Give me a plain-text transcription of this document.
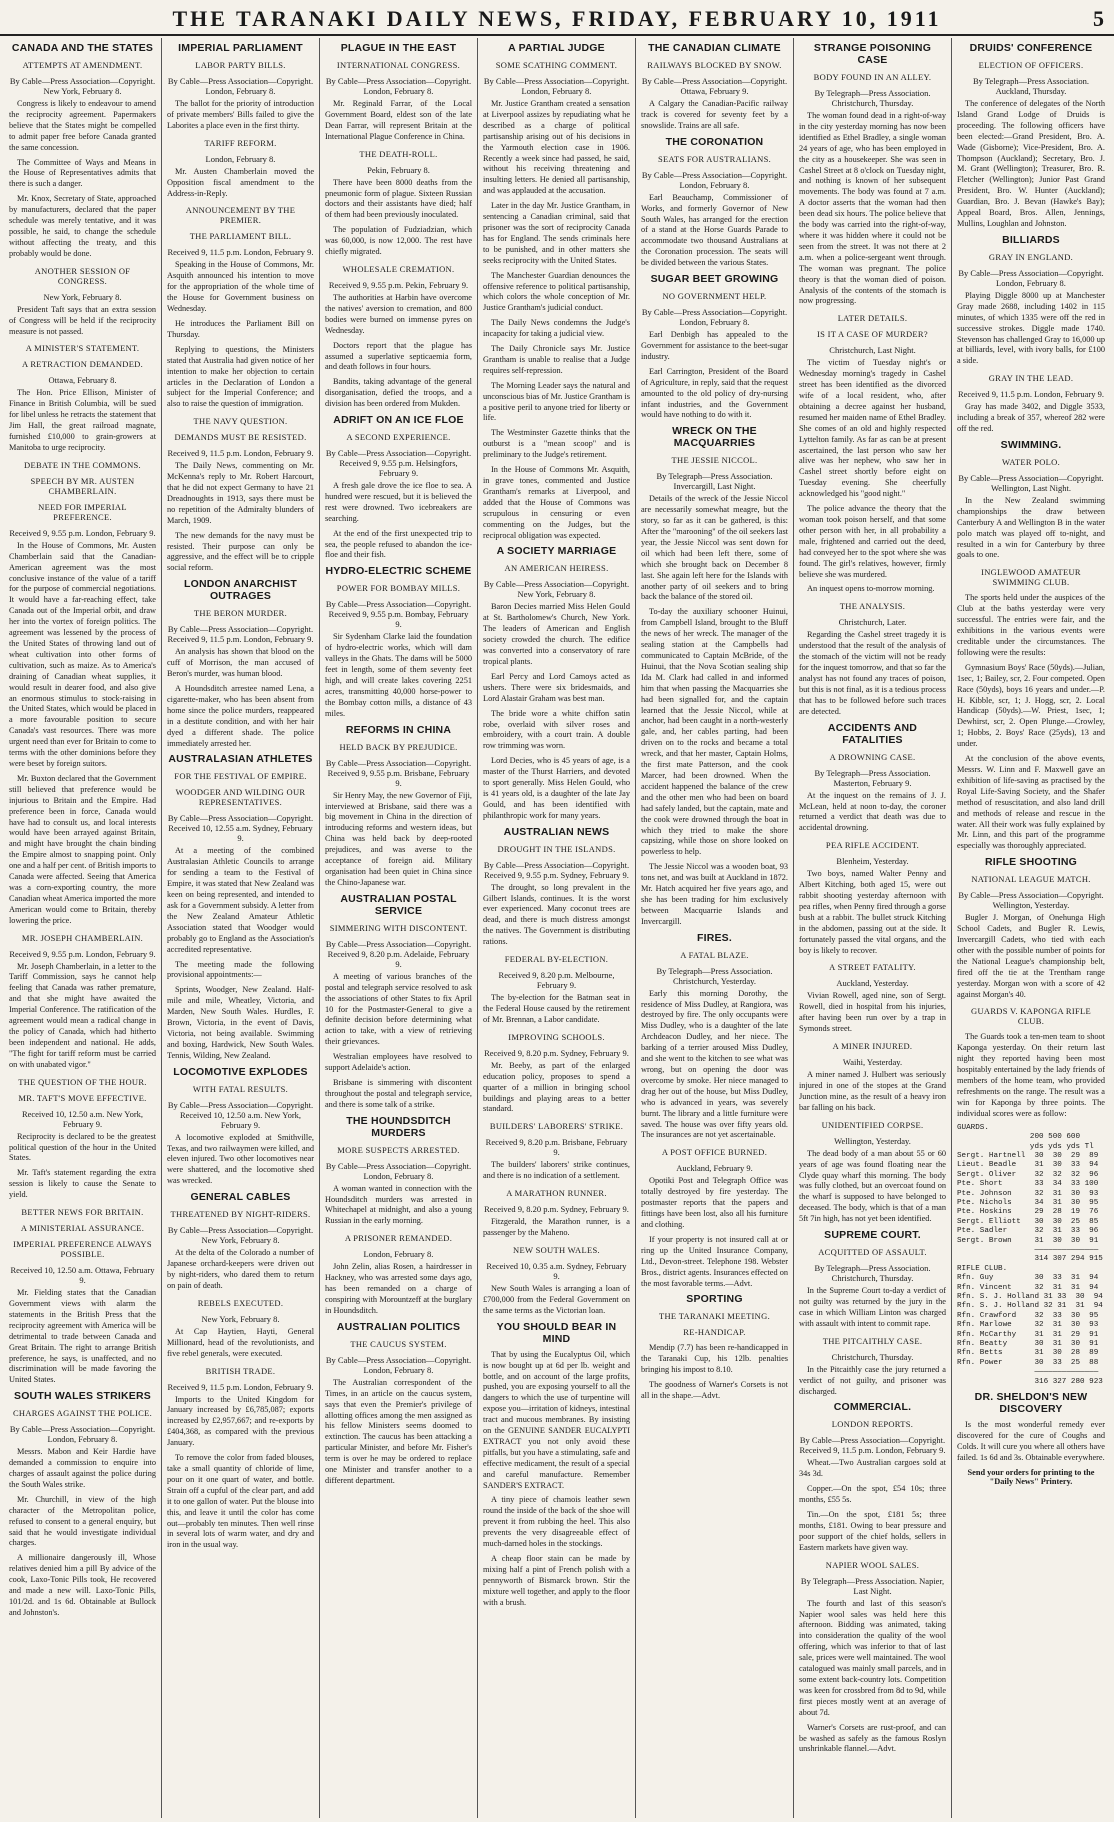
THE TARANAKI DAILY NEWS, FRIDAY, FEBRUARY 10, 1911	5
CANADA AND THE STATES
ATTEMPTS AT AMENDMENT.
By Cable—Press Association—Copyright. New York, February 8.

Congress is likely to endeavour to amend the reciprocity agreement. Papermakers believe that the States might be compelled to admit paper free before Canada granted the same concession.

The Committee of Ways and Means in the House of Representatives admits that there is such a danger.

Mr. Knox, Secretary of State, approached by manufacturers, declared that the paper schedule was merely tentative, and it was possible, he said, to change the schedule without affecting the treaty, and this probably would be done.

ANOTHER SESSION OF CONGRESS.
New York, February 8.

President Taft says that an extra session of Congress will be held if the reciprocity measure is not passed.

A MINISTER'S STATEMENT.
A RETRACTION DEMANDED.
Ottawa, February 8.

The Hon. Price Ellison, Minister of Finance in British Columbia, will be sued for libel unless he retracts the statement that Jim Hall, the great railroad magnate, furnished £10,000 to grain-growers at Manitoba to urge reciprocity.

DEBATE IN THE COMMONS.
SPEECH BY MR. AUSTEN CHAMBERLAIN.
NEED FOR IMPERIAL PREFERENCE.
Received 9, 9.55 p.m. London, February 9.

In the House of Commons, Mr. Austen Chamberlain said that the Canadian-American agreement was the most conclusive instance of the value of a tariff for the purpose of commercial negotiations. It would have a far-reaching effect, take Canada out of the Imperial orbit, and draw her into the vortex of foreign politics. The agreement was lessened by the process of the United States of throwing land out of wheat cultivation into other forms of cultivation, such as maize. As to America's draining of Canadian wheat supplies, it would result in dearer food, and also give an enormous stimulus to stock-raising in the United States, which would be placed in a more favourable position to secure Canada's vast resources. There was more urgent need than ever for Britain to come to terms with the other dominions before they were beset by foreign suitors.

Mr. Buxton declared that the Government still believed that preference would be injurious to Britain and the Empire. Had preference been in force, Canada would have had to consult us, and local interests would have been arrayed against Britain, and might have brought the chain binding the Empire almost to snapping point. Only one and a half per cent. of British imports to Canada were affected. Seeing that America was a corn-exporting country, the more Canadian wheat America imported the more American would come to Britain, thereby lowering the price.

MR. JOSEPH CHAMBERLAIN.
Received 9, 9.55 p.m. London, February 9.

Mr. Joseph Chamberlain, in a letter to the Tariff Commission, says he cannot help feeling that Canada was rather premature, and that she might have awaited the Imperial Conference. The ratification of the agreement would mean a radical change in the policy of Canada, which had hitherto been independent and national. He adds, "The fight for tariff reform must be carried on with unabated vigor."

THE QUESTION OF THE HOUR.
MR. TAFT'S MOVE EFFECTIVE.
Received 10, 12.50 a.m. New York, February 9.

Reciprocity is declared to be the greatest political question of the hour in the United States.

Mr. Taft's statement regarding the extra session is likely to cause the Senate to yield.

BETTER NEWS FOR BRITAIN.
A MINISTERIAL ASSURANCE.
IMPERIAL PREFERENCE ALWAYS POSSIBLE.
Received 10, 12.50 a.m. Ottawa, February 9.

Mr. Fielding states that the Canadian Government views with alarm the statements in the British Press that the reciprocity agreement with America will be detrimental to trade between Canada and Great Britain. The right to arrange British preference, he says, is unaffected, and no discrimination will be made favoring the United States.

SOUTH WALES STRIKERS
CHARGES AGAINST THE POLICE.
By Cable—Press Association—Copyright. London, February 8.

Messrs. Mabon and Keir Hardie have demanded a commission to enquire into charges of assault against the police during the South Wales strike.

Mr. Churchill, in view of the high character of the Metropolitan police, refused to consent to a general enquiry, but said that he would investigate individual charges.

A millionaire dangerously ill, Whose relatives denied him a pill By advice of the cook, Laxo-Tonic Pills took, He recovered and made a new will. Laxo-Tonic Pills, 101/2d. and 1s 6d. Obtainable at Bullock and Johnston's.

IMPERIAL PARLIAMENT
LABOR PARTY BILLS.
By Cable—Press Association—Copyright. London, February 8.

The ballot for the priority of introduction of private members' Bills failed to give the Laborites a place even in the first thirty.

TARIFF REFORM.
London, February 8.

Mr. Austen Chamberlain moved the Opposition fiscal amendment to the Address-in-Reply.

ANNOUNCEMENT BY THE PREMIER.
THE PARLIAMENT BILL.
Received 9, 11.5 p.m. London, February 9.

Speaking in the House of Commons, Mr. Asquith announced his intention to move for the appropriation of the whole time of the House for Government business on Wednesday.

He introduces the Parliament Bill on Thursday.

Replying to questions, the Ministers stated that Australia had given notice of her intention to make her objection to certain articles in the Declaration of London a subject for the Imperial Conference; and also to raise the question of immigration.

THE NAVY QUESTION.
DEMANDS MUST BE RESISTED.
Received 9, 11.5 p.m. London, February 9.

The Daily News, commenting on Mr. McKenna's reply to Mr. Robert Harcourt, that he did not expect Germany to have 21 Dreadnoughts in 1913, says there must be no repetition of the Admiralty blunders of March, 1909.

The new demands for the navy must be resisted. Their purpose can only be aggressive, and the effect will be to cripple social reform.

LONDON ANARCHIST OUTRAGES
THE BERON MURDER.
By Cable—Press Association—Copyright. Received 9, 11.5 p.m. London, February 9.

An analysis has shown that blood on the cuff of Morrison, the man accused of Beron's murder, was human blood.

A Houndsditch arrestee named Lena, a cigarette-maker, who has been absent from home since the police murders, reappeared in a destitute condition, and with her hair dyed a different shade. The police immediately arrested her.

AUSTRALASIAN ATHLETES
FOR THE FESTIVAL OF EMPIRE.
WOODGER AND WILDING OUR REPRESENTATIVES.
By Cable—Press Association—Copyright. Received 10, 12.55 a.m. Sydney, February 9.

At a meeting of the combined Australasian Athletic Councils to arrange for sending a team to the Festival of Empire, it was stated that New Zealand was keen on being represented, and intended to ask for a Government subsidy. A letter from the New Zealand Amateur Athletic Association stated that Woodger would probably go to England as the Association's accredited representative.

The meeting made the following provisional appointments:—

Sprints, Woodger, New Zealand. Half-mile and mile, Wheatley, Victoria, and Marden, New South Wales. Hurdles, F. Brown, Victoria, in the event of Davis, Victoria, not being available. Swimming and boxing, Hardwick, New South Wales. Tennis, Wilding, New Zealand.

LOCOMOTIVE EXPLODES
WITH FATAL RESULTS.
By Cable—Press Association—Copyright. Received 10, 12.50 a.m. New York, February 9.

A locomotive exploded at Smithville, Texas, and two railwaymen were killed, and eleven injured. Two other locomotives near were shattered, and the locomotive shed was wrecked.

GENERAL CABLES
THREATENED BY NIGHT-RIDERS.
By Cable—Press Association—Copyright. New York, February 8.

At the delta of the Colorado a number of Japanese orchard-keepers were driven out by night-riders, who dared them to return on pain of death.

REBELS EXECUTED.
New York, February 8.

At Cap Haytien, Hayti, General Millionard, head of the revolutionists, and five rebel generals, were executed.

BRITISH TRADE.
Received 9, 11.5 p.m. London, February 9.

Imports to the United Kingdom for January increased by £6,785,087; exports increased by £2,957,667; and re-exports by £404,368, as compared with the previous January.

To remove the color from faded blouses, take a small quantity of chloride of lime, pour on it one quart of water, and bottle. Strain off a cupful of the clear part, and add it to one gallon of water. Put the blouse into this, and leave it until the color has come out—probably ten minutes. Then well rinse in several lots of warm water, and dry and iron in the usual way.

PLAGUE IN THE EAST
INTERNATIONAL CONGRESS.
By Cable—Press Association—Copyright. London, February 8.

Mr. Reginald Farrar, of the Local Government Board, eldest son of the late Dean Farrar, will represent Britain at the International Plague Conference in China.

THE DEATH-ROLL.
Pekin, February 8.

There have been 8000 deaths from the pneumonic form of plague. Sixteen Russian doctors and their assistants have died; half of them had been previously inoculated.

The population of Fudziadzian, which was 60,000, is now 12,000. The rest have chiefly migrated.

WHOLESALE CREMATION.
Received 9, 9.55 p.m. Pekin, February 9.

The authorities at Harbin have overcome the natives' aversion to cremation, and 800 bodies were burned on immense pyres on Wednesday.

Doctors report that the plague has assumed a superlative septicaemia form, and death follows in four hours.

Bandits, taking advantage of the general disorganisation, defied the troops, and a division has been ordered from Mukden.

ADRIFT ON AN ICE FLOE
A SECOND EXPERIENCE.
By Cable—Press Association—Copyright. Received 9, 9.55 p.m. Helsingfors, February 9.

A fresh gale drove the ice floe to sea. A hundred were rescued, but it is believed the rest were drowned. Two icebreakers are searching.

At the end of the first unexpected trip to sea, the people refused to abandon the ice-floe and their fish.

HYDRO-ELECTRIC SCHEME
POWER FOR BOMBAY MILLS.
By Cable—Press Association—Copyright. Received 9, 9.55 p.m. Bombay, February 9.

Sir Sydenham Clarke laid the foundation of hydro-electric works, which will dam valleys in the Ghats. The dams will be 5000 feet in length, some of them seventy feet high, and will create lakes covering 2251 acres, transmitting 40,000 horse-power to the Bombay cotton mills, a distance of 43 miles.

REFORMS IN CHINA
HELD BACK BY PREJUDICE.
By Cable—Press Association—Copyright. Received 9, 9.55 p.m. Brisbane, February 9.

Sir Henry May, the new Governor of Fiji, interviewed at Brisbane, said there was a big movement in China in the direction of introducing reforms and western ideas, but China was held back by deep-rooted prejudices, and was averse to the acceptance of foreign aid. Military organisation had been quiet in China since the Chino-Japanese war.

AUSTRALIAN POSTAL SERVICE
SIMMERING WITH DISCONTENT.
By Cable—Press Association—Copyright. Received 9, 8.20 p.m. Adelaide, February 9.

A meeting of various branches of the postal and telegraph service resolved to ask the associations of other States to fix April 10 for the Postmaster-General to give a definite decision before determining what action to take, with a view of retrieving their grievances.

Westralian employees have resolved to support Adelaide's action.

Brisbane is simmering with discontent throughout the postal and telegraph service, and there is some talk of a strike.

THE HOUNDSDITCH MURDERS
MORE SUSPECTS ARRESTED.
By Cable—Press Association—Copyright. London, February 8.

A woman wanted in connection with the Houndsditch murders was arrested in Whitechapel at midnight, and also a young Russian in the early morning.

A PRISONER REMANDED.
London, February 8.

John Zelin, alias Rosen, a hairdresser in Hackney, who was arrested some days ago, has been remanded on a charge of conspiring with Morountzeff at the burglary in Houndsditch.

AUSTRALIAN POLITICS
THE CAUCUS SYSTEM.
By Cable—Press Association—Copyright. London, February 8.

The Australian correspondent of the Times, in an article on the caucus system, says that even the Premier's privilege of allotting offices among the men assigned as his fellow Ministers seems doomed to extinction. The caucus has been attacking a particular Minister, and before Mr. Fisher's term is over he may be ordered to replace one Minister and transfer another to a different department.

A PARTIAL JUDGE
SOME SCATHING COMMENT.
By Cable—Press Association—Copyright. London, February 8.

Mr. Justice Grantham created a sensation at Liverpool assizes by repudiating what he described as a charge of political partisanship arising out of his decisions in the Yarmouth election case in 1906. Recently a week since had passed, he said, without his receiving threatening and insulting letters. He denied all partisanship, and was applauded at the accusation.

Later in the day Mr. Justice Grantham, in sentencing a Canadian criminal, said that prisoner was the sort of reciprocity Canada has for England. The sends criminals here to be punished, and in other matters she seeks reciprocity with the United States.

The Manchester Guardian denounces the offensive reference to political partisanship, which colors the whole conception of Mr. Justice Grantham's judicial conduct.

The Daily News condemns the Judge's incapacity for taking a judicial view.

The Daily Chronicle says Mr. Justice Grantham is unable to realise that a Judge requires self-repression.

The Morning Leader says the natural and unconscious bias of Mr. Justice Grantham is a positive peril to anyone tried for liberty or life.

The Westminster Gazette thinks that the outburst is a "mean scoop" and is preliminary to the Judge's retirement.

In the House of Commons Mr. Asquith, in grave tones, commented and Justice Grantham's remarks at Liverpool, and added that the House of Commons was scrupulous in censuring or even commenting on the Judges, but the reciprocal obligation was expected.

A SOCIETY MARRIAGE
AN AMERICAN HEIRESS.
By Cable—Press Association—Copyright. New York, February 8.

Baron Decies married Miss Helen Gould at St. Bartholomew's Church, New York. The leaders of American and English society crowded the church. The edifice was converted into a conservatory of rare tropical plants.

Earl Percy and Lord Camoys acted as ushers. There were six bridesmaids, and Lord Alastair Graham was best man.

The bride wore a white chiffon satin robe, overlaid with silver roses and embroidery, with a court train. A double row trimming was worn.

Lord Decies, who is 45 years of age, is a master of the Thurst Harriers, and devoted to sport generally. Miss Helen Gould, who is 41 years old, is a daughter of the late Jay Gould, and has been identified with philanthropic work for many years.

AUSTRALIAN NEWS
DROUGHT IN THE ISLANDS.
By Cable—Press Association—Copyright. Received 9, 9.55 p.m. Sydney, February 9.

The drought, so long prevalent in the Gilbert Islands, continues. It is the worst ever experienced. Many coconut trees are dead, and there is much distress amongst the natives. The Government is distributing rations.

FEDERAL BY-ELECTION.
Received 9, 8.20 p.m. Melbourne, February 9.

The by-election for the Batman seat in the Federal House caused by the retirement of Mr. Brennan, a Labor candidate.

IMPROVING SCHOOLS.
Received 9, 8.20 p.m. Sydney, February 9.

Mr. Beeby, as part of the enlarged education policy, proposes to spend a quarter of a million in bringing school buildings and playing areas to a better standard.

BUILDERS' LABORERS' STRIKE.
Received 9, 8.20 p.m. Brisbane, February 9.

The builders' laborers' strike continues, and there is no indication of a settlement.

A MARATHON RUNNER.
Received 9, 8.20 p.m. Sydney, February 9.

Fitzgerald, the Marathon runner, is a passenger by the Maheno.

NEW SOUTH WALES.
Received 10, 0.35 a.m. Sydney, February 9.

New South Wales is arranging a loan of £700,000 from the Federal Government on the same terms as the Victorian loan.

YOU SHOULD BEAR IN MIND

That by using the Eucalyptus Oil, which is now bought up at 6d per lb. weight and bottle, and on account of the large profits, pushed, you are exposing yourself to all the dangers to which the use of turpentine will expose you—irritation of kidneys, intestinal tract and mucous membranes. By insisting on the GENUINE SANDER EUCALYPTI EXTRACT you not only avoid these pitfalls, but you have a stimulating, safe and effective medicament, the result of a special and careful manufacture. Remember SANDER'S EXTRACT.

A tiny piece of chamois leather sewn round the inside of the back of the shoe will prevent it from rubbing the heel. This also prevents the very disagreeable effect of much-darned holes in the stockings.

A cheap floor stain can be made by mixing half a pint of French polish with a pennyworth of Bismarck brown. Stir the mixture well together, and apply to the floor with a brush.

THE CANADIAN CLIMATE
RAILWAYS BLOCKED BY SNOW.
By Cable—Press Association—Copyright. Ottawa, February 9.

A Calgary the Canadian-Pacific railway track is covered for seventy feet by a snowslide. Trains are all safe.

THE CORONATION
SEATS FOR AUSTRALIANS.
By Cable—Press Association—Copyright. London, February 8.

Earl Beauchamp, Commissioner of Works, and formerly Governor of New South Wales, has arranged for the erection of a stand at the Horse Guards Parade to accommodate two thousand Australians at the Coronation procession. The seats will be divided between the various States.

SUGAR BEET GROWING
NO GOVERNMENT HELP.
By Cable—Press Association—Copyright. London, February 8.

Earl Denbigh has appealed to the Government for assistance to the beet-sugar industry.

Earl Carrington, President of the Board of Agriculture, in reply, said that the request amounted to the old policy of dry-nursing infant industries, and the Government would have nothing to do with it.

WRECK ON THE MACQUARRIES
THE JESSIE NICCOL.
By Telegraph—Press Association. Invercargill, Last Night.

Details of the wreck of the Jessie Niccol are necessarily somewhat meagre, but the story, so far as it can be gathered, is this: After the "marooning" of the oil seekers last year, the Jessie Niccol was sent down for oil which had been left there, some of which she brought back on December 8 last. She again left here for the Islands with another party of oil seekers and to bring back the balance of the stored oil.

To-day the auxiliary schooner Huinui, from Campbell Island, brought to the Bluff the news of her wreck. The manager of the sealing station at the Campbells had communicated to Captain McBride, of the Huinui, that the Nova Scotian sealing ship Ida M. Clark had called in and informed him that when passing the Macquarries she had been signalled for, and the captain learned that the Jessie Niccol, while at anchor, had been caught in a north-westerly gale, and, her cables parting, had been driven on to the rocks and became a total wreck, and that her master, Captain Holms, the first mate Patterson, and the cook Marcer, had been drowned. When the accident happened the balance of the crew and the other men who had been on board had safely landed, but the captain, mate and the cook were drowned through the boat in which they tried to make the shore capsizing, while those on shore looked on powerless to help.

The Jessie Niccol was a wooden boat, 93 tons net, and was built at Auckland in 1872. Mr. Hatch acquired her five years ago, and she has been trading for him exclusively between Macquarrie Islands and Invercargill.

FIRES.
A FATAL BLAZE.
By Telegraph—Press Association. Christchurch, Yesterday.

Early this morning Dorothy, the residence of Miss Dudley, at Rangiora, was destroyed by fire. The only occupants were Miss Dudley, who is a daughter of the late Archdeacon Dudley, and her niece. The barking of a terrier aroused Miss Dudley, and she went to the kitchen to see what was wrong, but on opening the door was overcome by smoke. Her niece managed to drag her out of the house, but Miss Dudley, who is advanced in years, was severely burnt. The library and a little furniture were saved. The house was over fifty years old. The insurances are not yet ascertainable.

A POST OFFICE BURNED.
Auckland, February 9.

Opotiki Post and Telegraph Office was totally destroyed by fire yesterday. The postmaster reports that the papers and fittings have been lost, also all his furniture and clothing.

If your property is not insured call at or ring up the United Insurance Company, Ltd., Devon-street. Telephone 198. Webster Bros., district agents. Insurances effected on the most favorable terms.—Advt.

SPORTING
THE TARANAKI MEETING.
RE-HANDICAP.

Mendip (7.7) has been re-handicapped in the Taranaki Cup, his 12lb. penalties bringing his impost to 8.10.

The goodness of Warner's Corsets is not all in the shape.—Advt.

STRANGE POISONING CASE
BODY FOUND IN AN ALLEY.
By Telegraph—Press Association. Christchurch, Thursday.

The woman found dead in a right-of-way in the city yesterday morning has now been identified as Ethel Bradley, a single woman 24 years of age, who has been employed in the city as a housekeeper. She was seen in Cashel Street at 8 o'clock on Tuesday night, and nothing is known of her subsequent movements. The body was found at 7 a.m. A doctor asserts that the woman had then been dead six hours. The police believe that the body was carried into the right-of-way, where it was hidden where it could not be seen from the street. It was not there at 2 a.m. when a police-sergeant went through. The woman was pregnant. The police theory is that the woman died of poison. Analysis of the contents of the stomach is now progressing.

LATER DETAILS.
IS IT A CASE OF MURDER?
Christchurch, Last Night.

The victim of Tuesday night's or Wednesday morning's tragedy in Cashel street has been identified as the divorced wife of a local resident, who, after obtaining a decree against her husband, resumed her maiden name of Ethel Bradley. She comes of an old and highly respected Lyttelton family. As far as can be at present ascertained, the last person who saw her alive was her nephew, who saw her in Cashel street shortly before eight on Tuesday evening. She cheerfully acknowledged his "good night."

The police advance the theory that the woman took poison herself, and that some other person with her, in all probability a male, frightened and carried out the deed, had conveyed her to the spot where she was found. The girl's relatives, however, firmly believe she was murdered.

An inquest opens to-morrow morning.

THE ANALYSIS.
Christchurch, Later.

Regarding the Cashel street tragedy it is understood that the result of the analysis of the stomach of the victim will not be ready for the inquest tomorrow, and that so far the analyst has not found any traces of poison, but this is not final, as it is a tedious process that has to be followed before such traces are detected.

ACCIDENTS AND FATALITIES
A DROWNING CASE.
By Telegraph—Press Association. Masterton, February 9.

At the inquest on the remains of J. J. McLean, held at noon to-day, the coroner returned a verdict that death was due to accidental drowning.

PEA RIFLE ACCIDENT.
Blenheim, Yesterday.

Two boys, named Walter Penny and Albert Kitching, both aged 15, were out rabbit shooting yesterday afternoon with pea rifles, when Penny fired through a gorse bush at a rabbit. The bullet struck Kitching in the abdomen, passing out at the side. It fortunately passed the vital organs, and the boy is likely to recover.

A STREET FATALITY.
Auckland, Yesterday.

Vivian Rowell, aged nine, son of Sergt. Rowell, died in hospital from his injuries, after having been run over by a trap in Symonds street.

A MINER INJURED.
Waihi, Yesterday.

A miner named J. Hulbert was seriously injured in one of the stopes at the Grand Junction mine, as the result of a heavy iron bar falling on his back.

UNIDENTIFIED CORPSE.
Wellington, Yesterday.

The dead body of a man about 55 or 60 years of age was found floating near the Clyde quay wharf this morning. The body was fully clothed, but an overcoat found on the wharf is supposed to have belonged to deceased. The body, which is that of a man 5ft 7in high, has not yet been identified.

SUPREME COURT.
ACQUITTED OF ASSAULT.
By Telegraph—Press Association. Christchurch, Thursday.

In the Supreme Court to-day a verdict of not guilty was returned by the jury in the case in which William Linton was charged with assault with intent to commit rape.

THE PITCAITHLY CASE.
Christchurch, Thursday.

In the Pitcaithly case the jury returned a verdict of not guilty, and prisoner was discharged.

COMMERCIAL.
LONDON REPORTS.
By Cable—Press Association—Copyright. Received 9, 11.5 p.m. London, February 9.

Wheat.—Two Australian cargoes sold at 34s 3d.

Copper.—On the spot, £54 10s; three months, £55 5s.

Tin.—On the spot, £181 5s; three months, £181. Owing to bear pressure and poor support of the chief holds, sellers in Eastern markets have given way.

NAPIER WOOL SALES.
By Telegraph—Press Association. Napier, Last Night.

The fourth and last of this season's Napier wool sales was held here this afternoon. Bidding was animated, taking into consideration the quality of the wool offering, which was inferior to that of last sale, prices were well maintained. The wool catalogued was mainly small parcels, and in some extent back-country lots. Competition was keen for crossbred from 8d to 9d, while first pieces mostly went at an average of about 7d.

Warner's Corsets are rust-proof, and can be washed as safely as the famous Roslyn unshrinkable flannel.—Advt.

DRUIDS' CONFERENCE
ELECTION OF OFFICERS.
By Telegraph—Press Association. Auckland, Thursday.

The conference of delegates of the North Island Grand Lodge of Druids is proceeding. The following officers have been elected:—Grand President, Bro. A. Wade (Gisborne); Vice-President, Bro. A. Thompson (Auckland); Secretary, Bro. J. M. Grant (Wellington); Treasurer, Bro. R. Fletcher (Wellington); Junior Past Grand President, Bro. W. Hunter (Auckland); Guardian, Bro. J. Bevan (Hawke's Bay); Appeal Board, Bros. Allen, Jennings, Mullins, Loughlan and Johnston.

BILLIARDS
GRAY IN ENGLAND.
By Cable—Press Association—Copyright. London, February 8.

Playing Diggle 8000 up at Manchester Gray made 2688, including 1402 in 115 minutes, of which 1335 were off the red in successive strokes. Diggle made 1740. Stevenson has challenged Gray to 16,000 up at billiards, level, with ivory balls, for £100 a side.

GRAY IN THE LEAD.
Received 9, 11.5 p.m. London, February 9.

Gray has made 3402, and Diggle 3533, including a break of 357, whereof 282 were off the red.

SWIMMING.
WATER POLO.
By Cable—Press Association—Copyright. Wellington, Last Night.

In the New Zealand swimming championships the draw between Canterbury A and Wellington B in the water polo match was played off to-night, and resulted in a win for Canterbury by three goals to one.

INGLEWOOD AMATEUR SWIMMING CLUB.

The sports held under the auspices of the Club at the baths yesterday were very successful. The entries were fair, and the exhibitions in the various events were creditable under the circumstances. The following were the results:

Gymnasium Boys' Race (50yds).—Julian, 1sec, 1; Bailey, scr, 2. Four competed. Open Race (50yds), boys 16 years and under.—P. H. Kibble, scr, 1; J. Hogg, scr, 2. Local Handicap (50yds).—W. Priest, 1sec, 1; Dewhirst, scr, 2. Open Plunge.—Crowley, 1; Hobbs, 2. Boys' Race (25yds), 13 and under.

At the conclusion of the above events, Messrs. W. Linn and F. Maxwell gave an exhibition of life-saving as practised by the Royal Life-Saving Society, and the Shafer method of resuscitation, and also land drill and methods of release and rescue in the water. All their work was fully explained by Mr. Linn, and this part of the programme especially was thoroughly appreciated.

RIFLE SHOOTING
NATIONAL LEAGUE MATCH.
By Cable—Press Association—Copyright. Wellington, Yesterday.

Bugler J. Morgan, of Onehunga High School Cadets, and Bugler R. Lewis, Invercargill Cadets, who tied with each other with the possible number of points for the National League's championship belt, fired off the tie at the Trentham range yesterday. Morgan won with a score of 42 against Morgan's 40.

GUARDS V. KAPONGA RIFLE CLUB.

The Guards took a ten-men team to shoot Kaponga yesterday. On their return last night they reported having been most hospitably entertained by the lady friends of members of the home team, who provided refreshments on the range. The result was a win for Kaponga by three points. The individual scores were as follow:

GUARDS.
200 500 600
yds yds yds Tl
Sergt. Hartnell  30  30  29  89
Lieut. Beadle    31  30  33  94
Sergt. Oliver    32  32  32  96
Pte. Short       33  34  33 100
Pte. Johnson     32  31  30  93
Pte. Nichols     34  31  30  95
Pte. Hoskins     29  28  19  76
Sergt. Elliott   30  30  25  85
Pte. Sadler      32  31  33  96
Sergt. Brown     31  30  30  91
——————————————
314 307 294 915
RIFLE CLUB.
Rfn. Guy         30  33  31  94
Rfn. Vincent     32  31  31  94
Rfn. S. J. Holland 31 33  30  94
Rfn. S. J. Holland 32 31  31  94
Rfn. Crawford    32  33  30  95
Rfn. Marlowe     32  31  30  93
Rfn. McCarthy    31  31  29  91
Rfn. Beatty      30  31  30  91
Rfn. Betts       31  30  28  89
Rfn. Power       30  33  25  88
——————————————
316 327 280 923
DR. SHELDON'S NEW DISCOVERY

Is the most wonderful remedy ever discovered for the cure of Coughs and Colds. It will cure you where all others have failed. 1s 6d and 3s. Obtainable everywhere.

Send your orders for printing to the "Daily News" Printery.
